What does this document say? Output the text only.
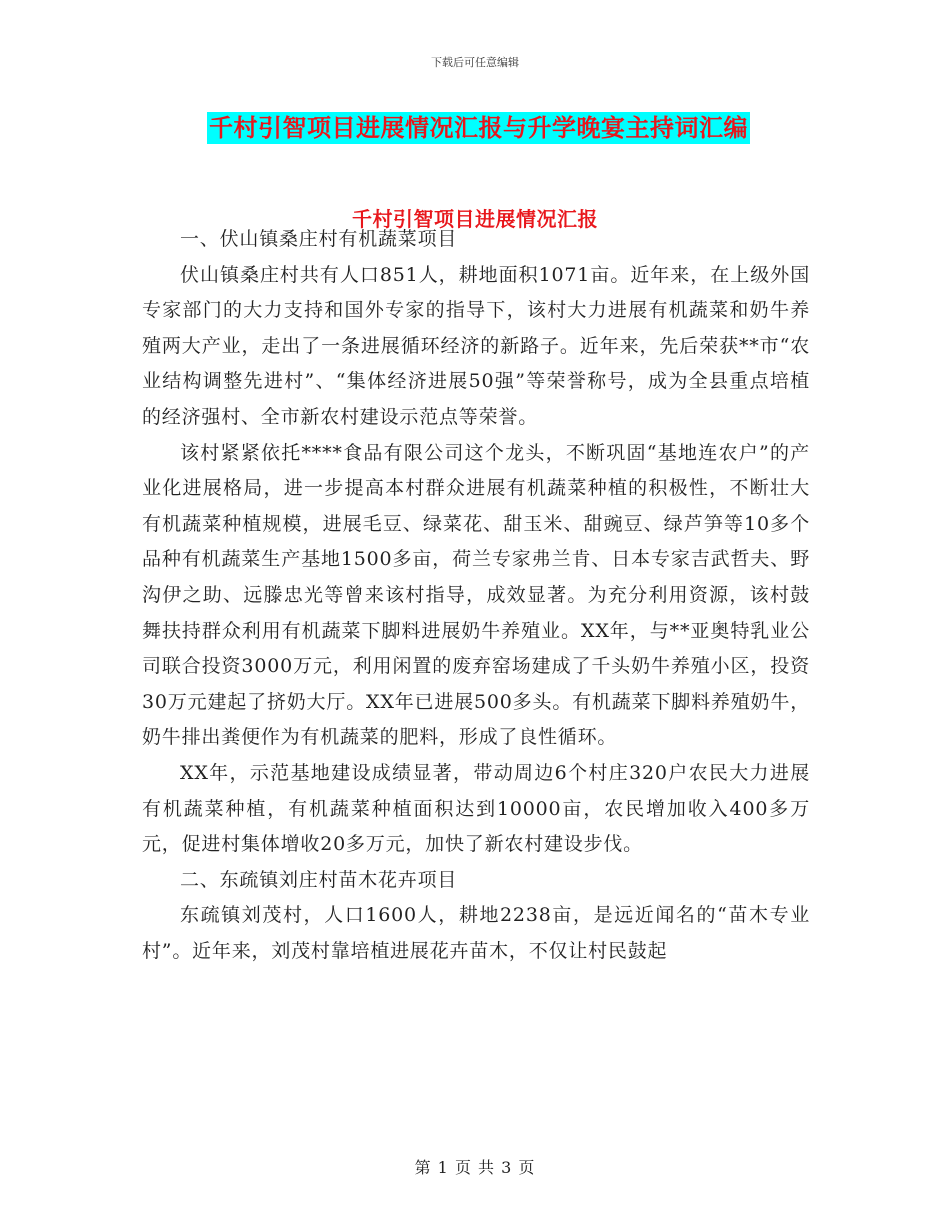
下载后可任意编辑
千村引智项目进展情况汇报与升学晚宴主持词汇编
千村引智项目进展情况汇报

一、伏山镇桑庄村有机蔬菜项目

伏山镇桑庄村共有人口851人，耕地面积1071亩。近年来，在上级外国专家部门的大力支持和国外专家的指导下，该村大力进展有机蔬菜和奶牛养殖两大产业，走出了一条进展循环经济的新路子。近年来，先后荣获**市“农业结构调整先进村”、“集体经济进展50强”等荣誉称号，成为全县重点培植的经济强村、全市新农村建设示范点等荣誉。

该村紧紧依托****食品有限公司这个龙头，不断巩固“基地连农户”的产业化进展格局，进一步提高本村群众进展有机蔬菜种植的积极性，不断壮大有机蔬菜种植规模，进展毛豆、绿菜花、甜玉米、甜豌豆、绿芦笋等10多个品种有机蔬菜生产基地1500多亩，荷兰专家弗兰肯、日本专家吉武哲夫、野沟伊之助、远滕忠光等曾来该村指导，成效显著。为充分利用资源，该村鼓舞扶持群众利用有机蔬菜下脚料进展奶牛养殖业。XX年，与**亚奥特乳业公司联合投资3000万元，利用闲置的废弃窑场建成了千头奶牛养殖小区，投资30万元建起了挤奶大厅。XX年已进展500多头。有机蔬菜下脚料养殖奶牛，奶牛排出粪便作为有机蔬菜的肥料，形成了良性循环。

XX年，示范基地建设成绩显著，带动周边6个村庄320户农民大力进展有机蔬菜种植，有机蔬菜种植面积达到10000亩，农民增加收入400多万元，促进村集体增收20多万元，加快了新农村建设步伐。

二、东疏镇刘庄村苗木花卉项目

东疏镇刘茂村，人口1600人，耕地2238亩，是远近闻名的“苗木专业村”。近年来，刘茂村靠培植进展花卉苗木，不仅让村民鼓起

第 1 页 共 3 页
